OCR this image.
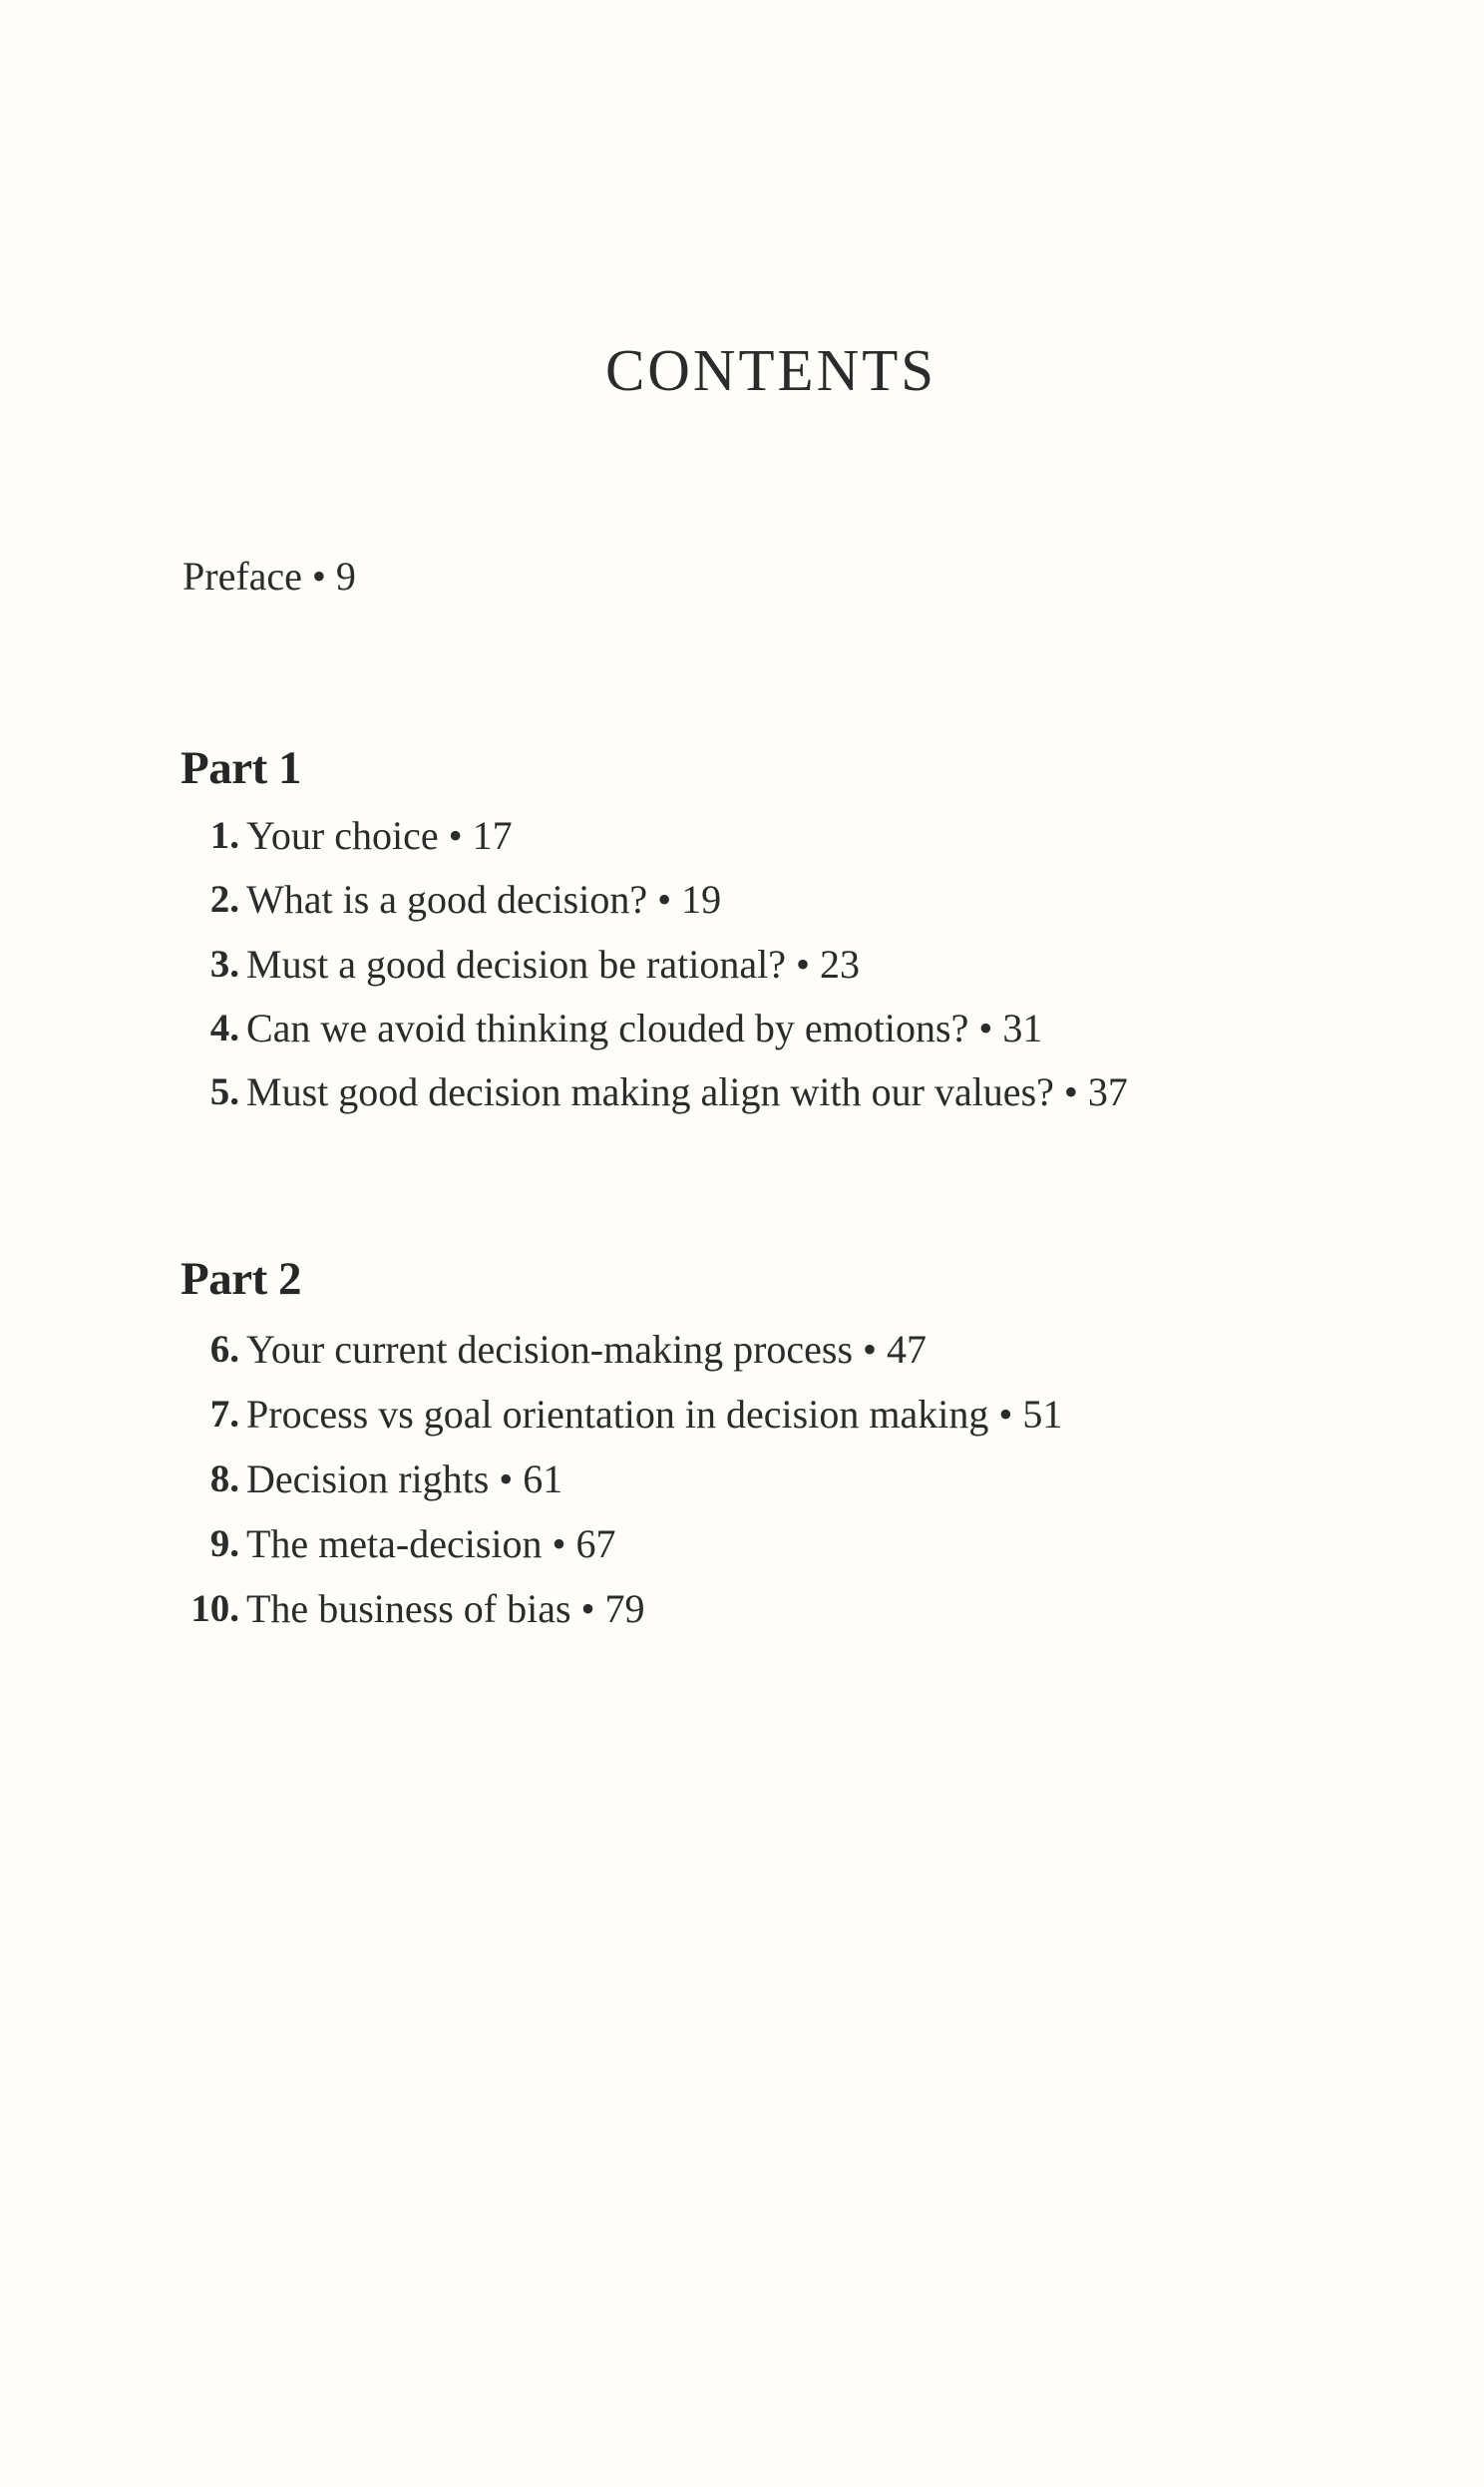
CONTENTS
Preface • 9
Part 1
1. Your choice • 17
2. What is a good decision? • 19
3. Must a good decision be rational? • 23
4. Can we avoid thinking clouded by emotions? • 31
5. Must good decision making align with our values? • 37
Part 2
6. Your current decision-making process • 47
7. Process vs goal orientation in decision making • 51
8. Decision rights • 61
9. The meta-decision • 67
10. The business of bias • 79
